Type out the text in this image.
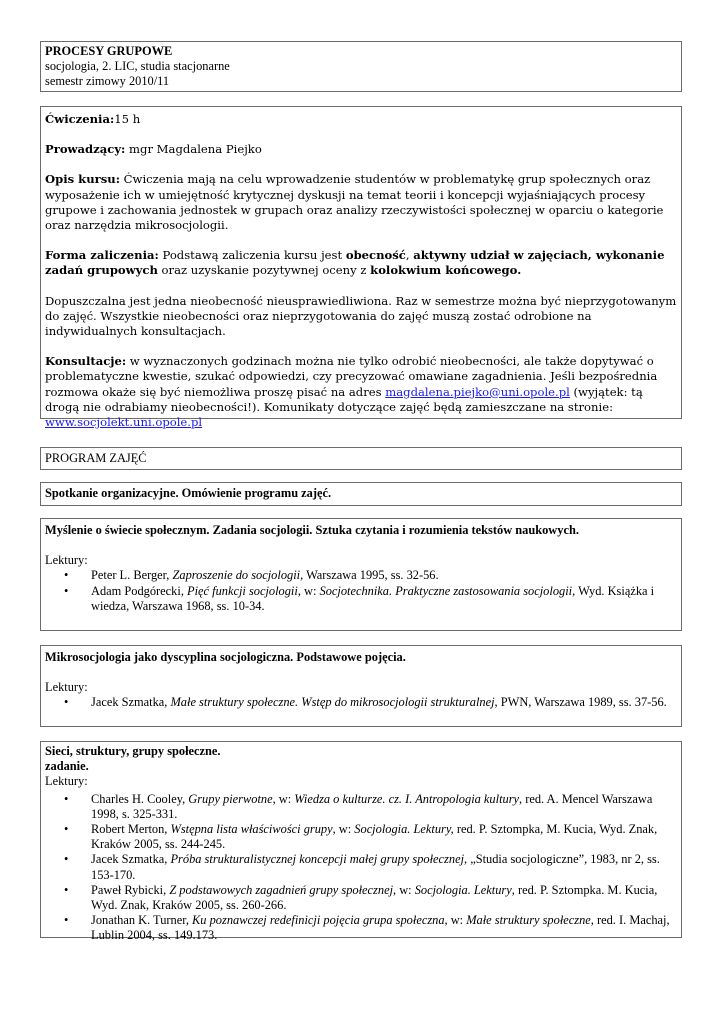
PROCESY GRUPOWE

socjologia, 2. LIC, studia stacjonarne

semestr zimowy 2010/11

Ćwiczenia:15 h

Prowadzący: mgr Magdalena Piejko

Opis kursu: Ćwiczenia mają na celu wprowadzenie studentów w problematykę grup społecznych oraz wyposażenie ich w umiejętność krytycznej dyskusji na temat teorii i koncepcji wyjaśniających procesy grupowe i zachowania jednostek w grupach oraz analizy rzeczywistości społecznej w oparciu o kategorie oraz narzędzia mikrosocjologii.

Forma zaliczenia: Podstawą zaliczenia kursu jest obecność, aktywny udział w zajęciach, wykonanie zadań grupowych oraz uzyskanie pozytywnej oceny z kolokwium końcowego.

Dopuszczalna jest jedna nieobecność nieusprawiedliwiona. Raz w semestrze można być nieprzygotowanym do zajęć. Wszystkie nieobecności oraz nieprzygotowania do zajęć muszą zostać odrobione na indywidualnych konsultacjach.

Konsultacje: w wyznaczonych godzinach można nie tylko odrobić nieobecności, ale także dopytywać o problematyczne kwestie, szukać odpowiedzi, czy precyzować omawiane zagadnienia. Jeśli bezpośrednia rozmowa okaże się być niemożliwa proszę pisać na adres magdalena.piejko@uni.opole.pl (wyjątek: tą drogą nie odrabiamy nieobecności!). Komunikaty dotyczące zajęć będą zamieszczane na stronie: www.socjolekt.uni.opole.pl

PROGRAM ZAJĘĆ

Spotkanie organizacyjne. Omówienie programu zajęć.

Myślenie o świecie społecznym. Zadania socjologii. Sztuka czytania i rozumienia tekstów naukowych.

Lektury:

• Peter L. Berger, Zaproszenie do socjologii, Warszawa 1995, ss. 32-56.
• Adam Podgórecki, Pięć funkcji socjologii, w: Socjotechnika. Praktyczne zastosowania socjologii, Wyd. Książka i wiedza, Warszawa 1968, ss. 10-34.

Mikrosocjologia jako dyscyplina socjologiczna. Podstawowe pojęcia.

Lektury:

• Jacek Szmatka, Małe struktury społeczne. Wstęp do mikrosocjologii strukturalnej, PWN, Warszawa 1989, ss. 37-56.

Sieci, struktury, grupy społeczne.

zadanie.

Lektury:

• Charles H. Cooley, Grupy pierwotne, w: Wiedza o kulturze. cz. I. Antropologia kultury, red. A. Mencel Warszawa 1998, s. 325-331.
• Robert Merton, Wstępna lista właściwości grupy, w: Socjologia. Lektury, red. P. Sztompka, M. Kucia, Wyd. Znak, Kraków 2005, ss. 244-245.
• Jacek Szmatka, Próba strukturalistycznej koncepcji małej grupy społecznej, „Studia socjologiczne”, 1983, nr 2, ss. 153-170.
• Paweł Rybicki, Z podstawowych zagadnień grupy społecznej, w: Socjologia. Lektury, red. P. Sztompka. M. Kucia, Wyd. Znak, Kraków 2005, ss. 260-266.
• Jonathan K. Turner, Ku poznawczej redefinicji pojęcia grupa społeczna, w: Małe struktury społeczne, red. I. Machaj, Lublin 2004, ss. 149.173.
